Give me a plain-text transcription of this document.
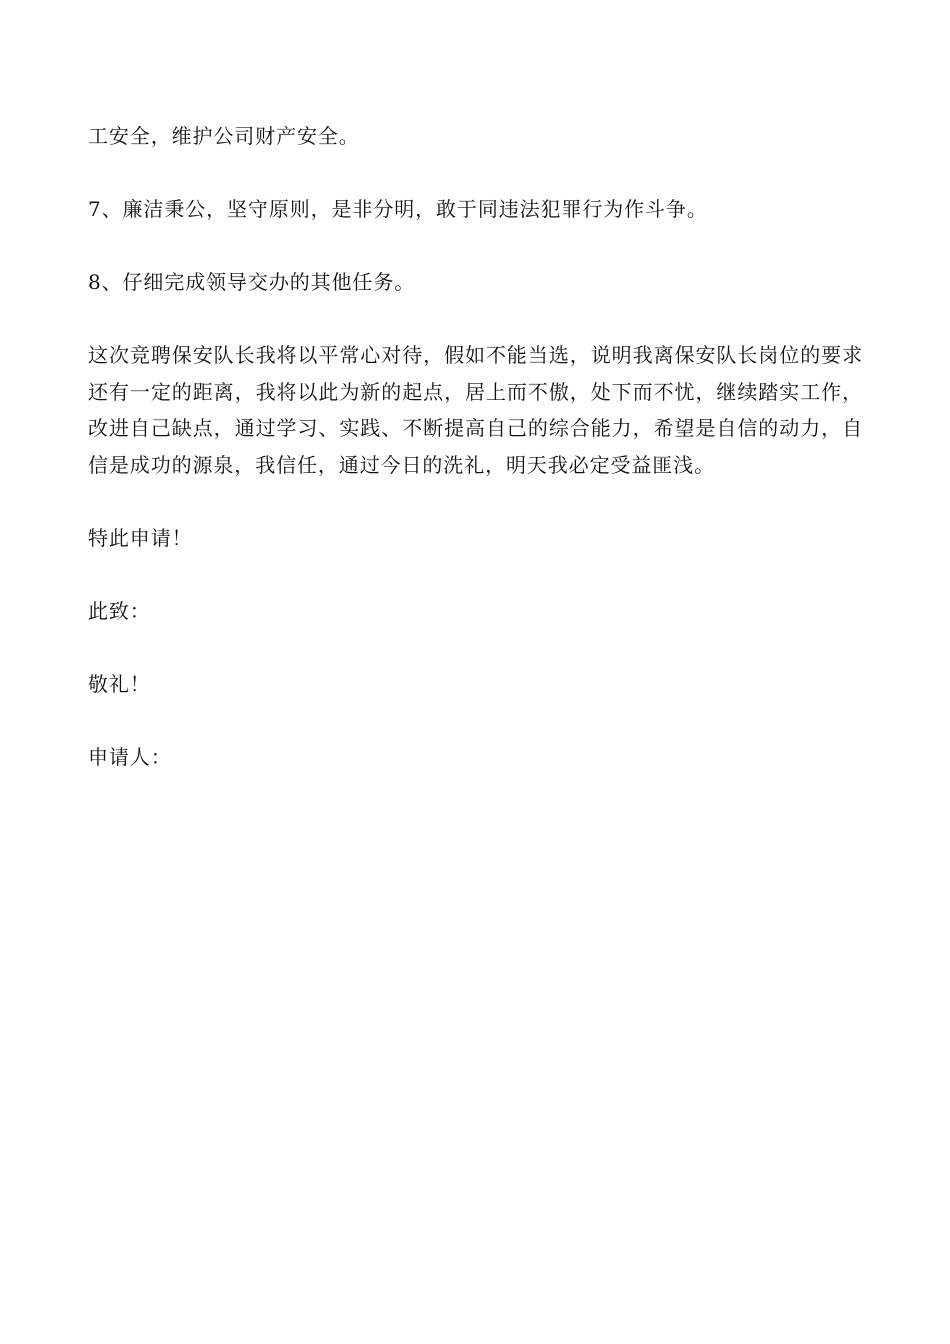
工安全，维护公司财产安全。

7、廉洁秉公，坚守原则，是非分明，敢于同违法犯罪行为作斗争。

8、仔细完成领导交办的其他任务。

这次竞聘保安队长我将以平常心对待，假如不能当选，说明我离保安队长岗位的要求还有一定的距离，我将以此为新的起点，居上而不傲，处下而不忧，继续踏实工作，改进自己缺点，通过学习、实践、不断提高自己的综合能力，希望是自信的动力，自信是成功的源泉，我信任，通过今日的洗礼，明天我必定受益匪浅。

特此申请！

此致：

敬礼！

申请人：
